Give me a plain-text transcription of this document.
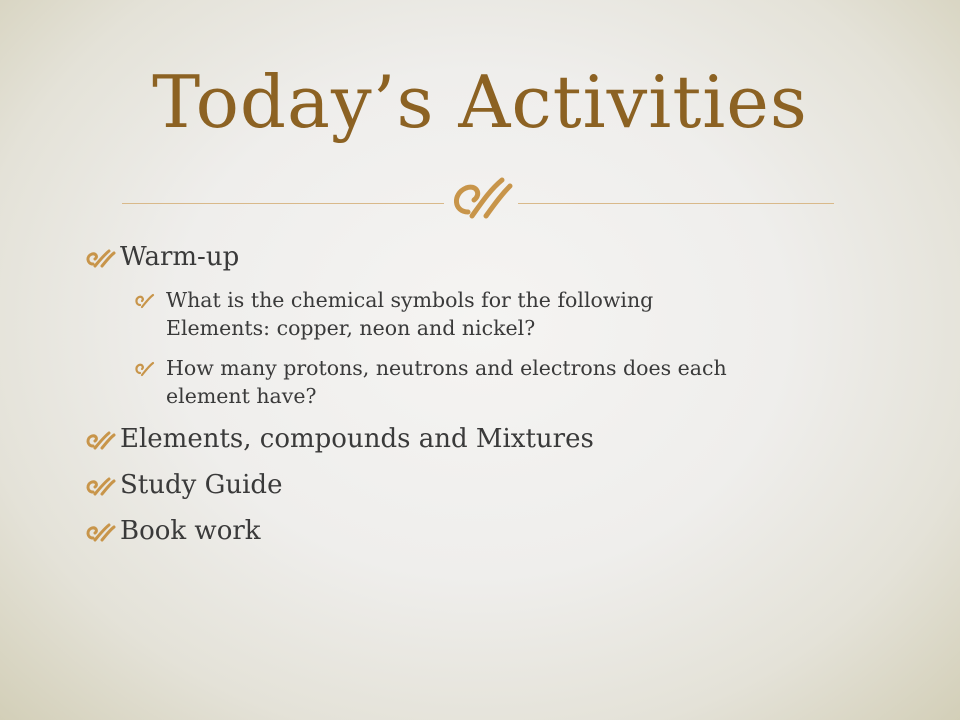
Today’s Activities
Warm-up
What is the chemical symbols for the following
Elements: copper, neon and nickel?
How many protons, neutrons and electrons does each
element have?
Elements, compounds and Mixtures
Study Guide
Book work
